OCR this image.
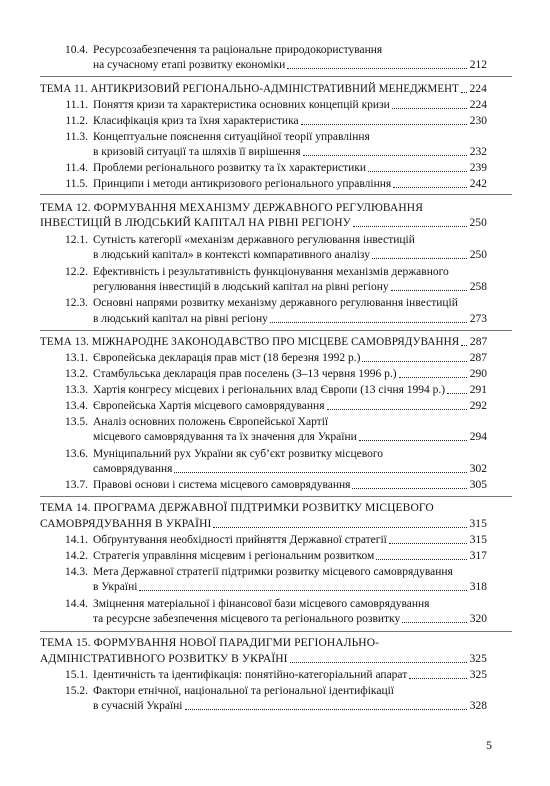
10.4. Ресурсозабезпечення та раціональне природокористування
на сучасному етапі розвитку економіки	212
ТЕМА 11. АНТИКРИЗОВИЙ РЕГІОНАЛЬНО-АДМІНІСТРАТИВНИЙ МЕНЕДЖМЕНТ 224
11.1. Поняття кризи та характеристика основних концепцій кризи	224
11.2. Класифікація криз та їхня характеристика	230
11.3. Концептуальне пояснення ситуаційної теорії управління
в кризовій ситуації та шляхів її вирішення	232
11.4. Проблеми регіонального розвитку та їх характеристики	239
11.5. Принципи і методи антикризового регіонального управління	242
ТЕМА 12. ФОРМУВАННЯ МЕХАНІЗМУ ДЕРЖАВНОГО РЕГУЛЮВАННЯ
ІНВЕСТИЦІЙ В ЛЮДСЬКИЙ КАПІТАЛ НА РІВНІ РЕГІОНУ	250
12.1. Сутність категорії «механізм державного регулювання інвестицій
в людський капітал» в контексті компаративного аналізу	250
12.2. Ефективність і результативність функціонування механізмів державного
регулювання інвестицій в людський капітал на рівні регіону	258
12.3. Основні напрями розвитку механізму державного регулювання інвестицій
в людський капітал на рівні регіону	273
ТЕМА 13. МІЖНАРОДНЕ ЗАКОНОДАВСТВО ПРО МІСЦЕВЕ САМОВРЯДУВАННЯ 287
13.1. Європейська декларація прав міст (18 березня 1992 р.)	287
13.2. Стамбульська декларація прав поселень (3–13 червня 1996 р.)	290
13.3. Хартія конгресу місцевих і регіональних влад Європи (13 січня 1994 р.) 291
13.4. Європейська Хартія місцевого самоврядування	292
13.5. Аналіз основних положень Європейської Хартії
місцевого самоврядування та їх значення для України	294
13.6. Муніципальний рух України як суб’єкт розвитку місцевого
самоврядування	302
13.7. Правові основи і система місцевого самоврядування	305
ТЕМА 14. ПРОГРАМА ДЕРЖАВНОЇ ПІДТРИМКИ РОЗВИТКУ МІСЦЕВОГО
САМОВРЯДУВАННЯ В УКРАЇНІ	315
14.1. Обґрунтування необхідності прийняття Державної стратегії	315
14.2. Стратегія управління місцевим і регіональним розвитком	317
14.3. Мета Державної стратегії підтримки розвитку місцевого самоврядування
в Україні	318
14.4. Зміцнення матеріальної і фінансової бази місцевого самоврядування
та ресурсне забезпечення місцевого та регіонального розвитку	320
ТЕМА 15. ФОРМУВАННЯ НОВОЇ ПАРАДИГМИ РЕГІОНАЛЬНО-
АДМІНІСТРАТИВНОГО РОЗВИТКУ В УКРАЇНІ	325
15.1. Ідентичність та ідентифікація: понятійно-категоріальний апарат	325
15.2. Фактори етнічної, національної та регіональної ідентифікації
в сучасній Україні	328
5
